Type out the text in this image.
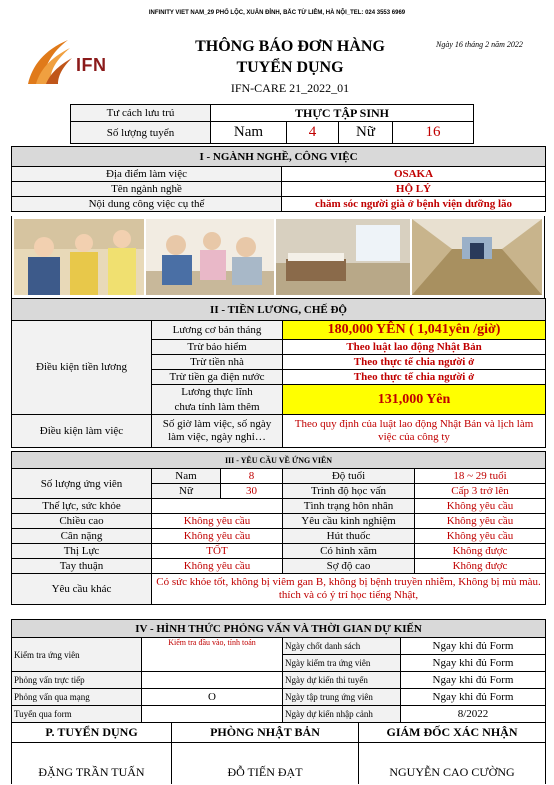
INFINITY VIET NAM_29 PHỐ LỘC, XUÂN ĐỈNH, BẮC TỪ LIÊM, HÀ NỘI_TEL: 024 3553 6969
IFN
THÔNG BÁO ĐƠN HÀNG
TUYỂN DỤNG
IFN-CARE 21_2022_01
Ngày 16 tháng 2 năm 2022
Tư cách lưu trú	THỰC TẬP SINH			
Số lượng tuyển	Nam	4	Nữ	16
I - NGÀNH NGHỀ, CÔNG VIỆC	
Địa điểm làm việc	OSAKA
Tên ngành nghề	HỘ LÝ
Nội dung công việc cụ thể	chăm sóc người già ở bệnh viện dưỡng lão
II - TIỀN LƯƠNG, CHẾ ĐỘ		
Điều kiện tiền lương	Lương cơ bản tháng	180,000 YÊN ( 1,041yên /giờ)
	Trừ bảo hiểm	Theo luật lao động Nhật Bản
	Trừ tiền nhà	Theo thực tế chia người ở
	Trừ tiền ga điện nước	Theo thực tế chia người ở
	Lương thực lĩnh	131,000 Yên
	chưa tính làm thêm	
Điều kiện làm việc	Số giờ làm việc, số ngày làm việc, ngày nghỉ…	Theo quy định của luật lao động Nhật Bản và lịch làm việc của công ty
III - YÊU CẦU VỀ ỨNG VIÊN				
Số lượng ứng viên	Nam	8	Độ tuổi	18 ~ 29 tuổi
	Nữ	30	Trình độ học vấn	Cấp 3 trở lên
Thể lực, sức khỏe			Tình trạng hôn nhân	Không yêu cầu
Chiều cao	Không yêu cầu		Yêu cầu kinh nghiệm	Không yêu cầu
Cân nặng	Không yêu cầu		Hút thuốc	Không yêu cầu
Thị Lực	TỐT		Có hình xăm	Không được
Tay thuận	Không yêu cầu		Sợ độ cao	Không được
Yêu cầu khác	Có sức khỏe tốt, không bị viêm gan B, không bị bệnh truyền nhiễm, Không bị mù màu. thích và có ý trí học tiếng Nhật,			
IV - HÌNH THỨC PHỎNG VẤN VÀ THỜI GIAN DỰ KIẾN			
Kiểm tra ứng viên	Kiểm tra đầu vào, tính toán	Ngày chốt danh sách	Ngay khi đủ Form
		Ngày kiểm tra ứng viên	Ngay khi đủ Form
Phỏng vấn trực tiếp		Ngày dự kiến thi tuyển	Ngay khi đủ Form
Phỏng vấn qua mạng	O	Ngày tập trung ứng viên	Ngay khi đủ Form
Tuyển qua form		Ngày dự kiến nhập cảnh	8/2022
P. TUYỂN DỤNG	PHÒNG NHẬT BẢN	GIÁM ĐỐC XÁC NHẬN
ĐẶNG TRẦN TUẤN	ĐỖ TIẾN ĐẠT	NGUYỄN CAO CƯỜNG
